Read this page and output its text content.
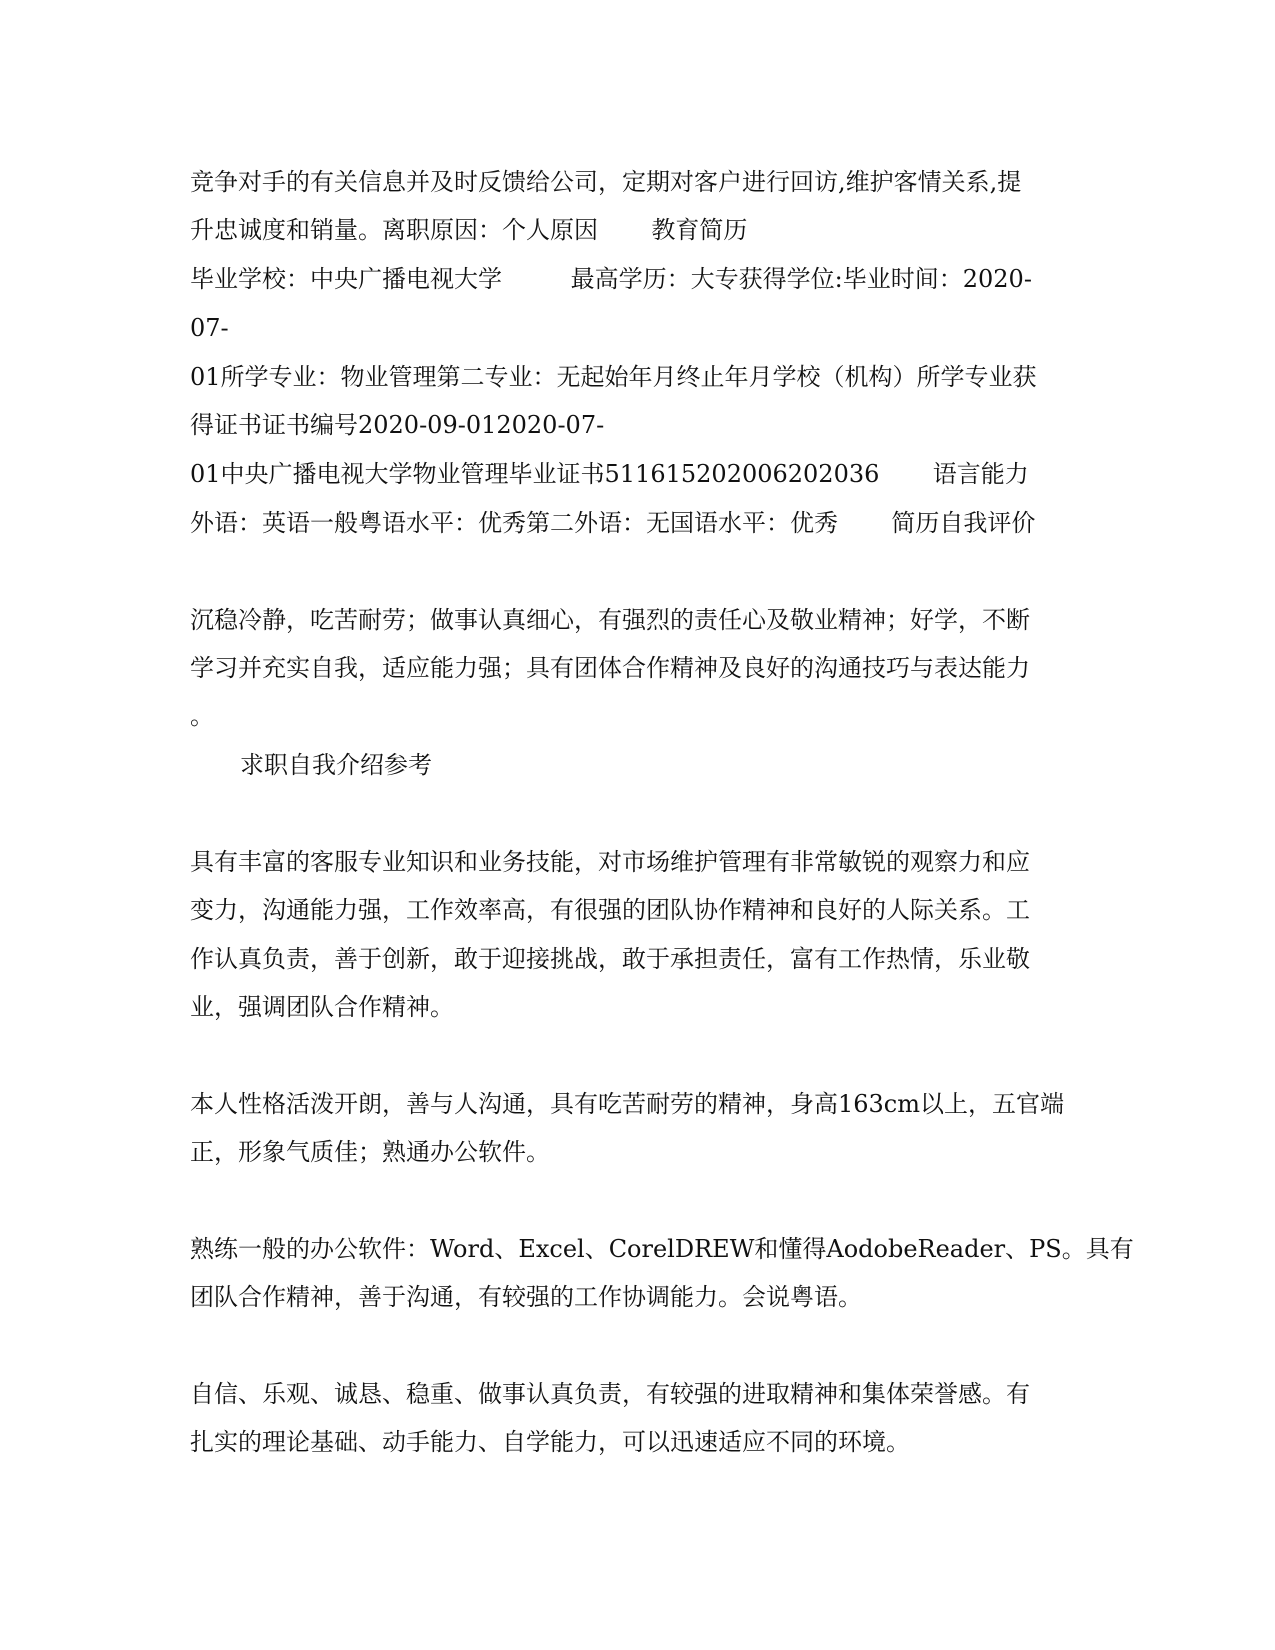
竞争对手的有关信息并及时反馈给公司，定期对客户进行回访,维护客情关系,提

升忠诚度和销量。离职原因：个人原因       教育简历

毕业学校：中央广播电视大学         最高学历：大专获得学位:毕业时间：2020-

07-

01所学专业：物业管理第二专业：无起始年月终止年月学校（机构）所学专业获

得证书证书编号2020-09-012020-07-

01中央广播电视大学物业管理毕业证书511615202006202036       语言能力

外语：英语一般粤语水平：优秀第二外语：无国语水平：优秀       简历自我评价

沉稳冷静，吃苦耐劳；做事认真细心，有强烈的责任心及敬业精神；好学，不断

学习并充实自我，适应能力强；具有团体合作精神及良好的沟通技巧与表达能力

。

求职自我介绍参考

具有丰富的客服专业知识和业务技能，对市场维护管理有非常敏锐的观察力和应

变力，沟通能力强，工作效率高，有很强的团队协作精神和良好的人际关系。工

作认真负责，善于创新，敢于迎接挑战，敢于承担责任，富有工作热情，乐业敬

业，强调团队合作精神。

本人性格活泼开朗，善与人沟通，具有吃苦耐劳的精神，身高163cm以上，五官端

正，形象气质佳；熟通办公软件。

熟练一般的办公软件：Word、Excel、CorelDREW和懂得AodobeReader、PS。具有

团队合作精神，善于沟通，有较强的工作协调能力。会说粤语。

自信、乐观、诚恳、稳重、做事认真负责，有较强的进取精神和集体荣誉感。有

扎实的理论基础、动手能力、自学能力，可以迅速适应不同的环境。
